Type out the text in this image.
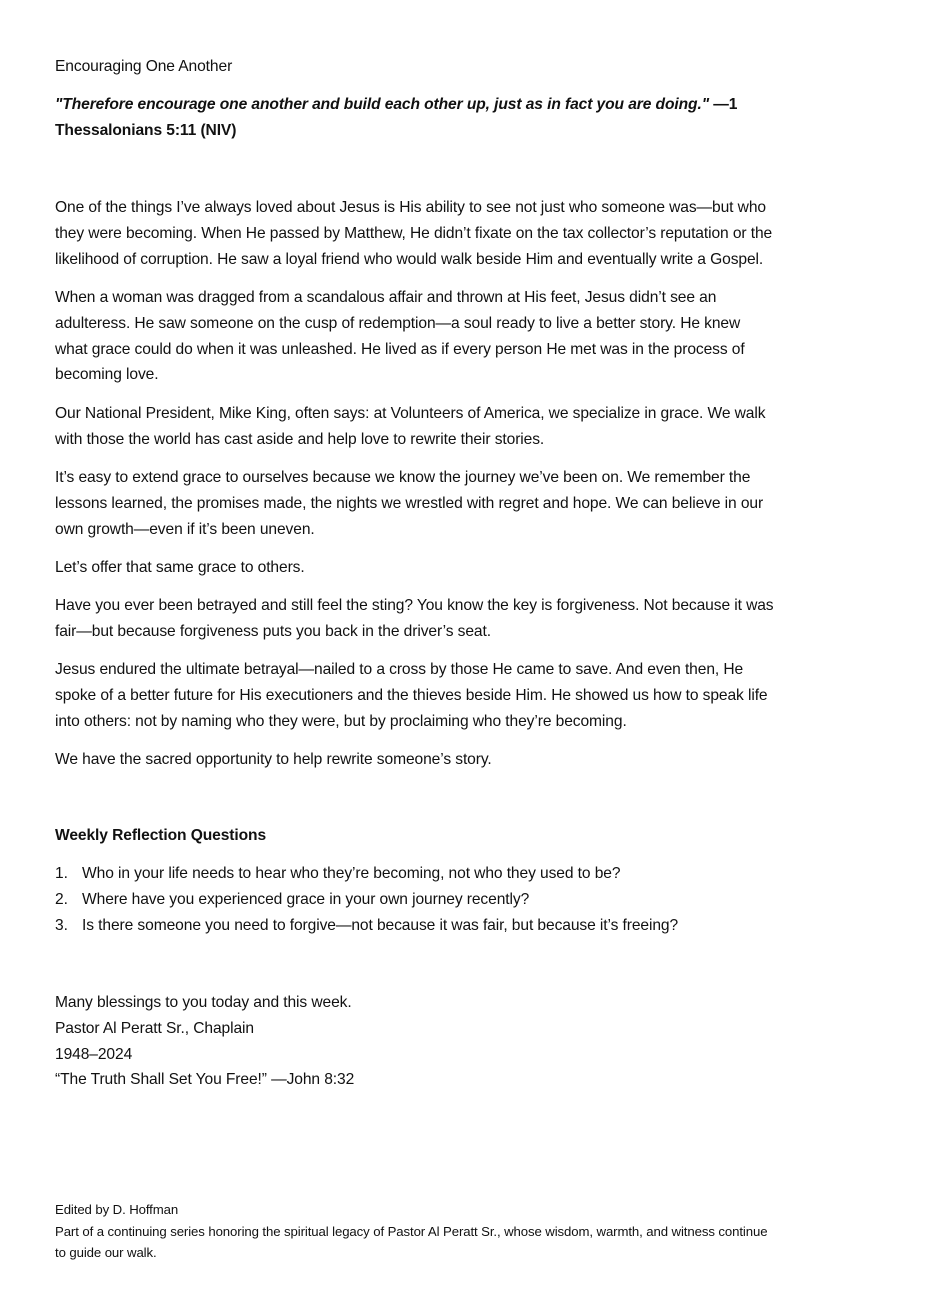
Encouraging One Another
"Therefore encourage one another and build each other up, just as in fact you are doing." —1
Thessalonians 5:11 (NIV)
One of the things I’ve always loved about Jesus is His ability to see not just who someone was—but who
they were becoming. When He passed by Matthew, He didn’t fixate on the tax collector’s reputation or the
likelihood of corruption. He saw a loyal friend who would walk beside Him and eventually write a Gospel.
When a woman was dragged from a scandalous affair and thrown at His feet, Jesus didn’t see an
adulteress. He saw someone on the cusp of redemption—a soul ready to live a better story. He knew
what grace could do when it was unleashed. He lived as if every person He met was in the process of
becoming love.
Our National President, Mike King, often says: at Volunteers of America, we specialize in grace. We walk
with those the world has cast aside and help love to rewrite their stories.
It’s easy to extend grace to ourselves because we know the journey we’ve been on. We remember the
lessons learned, the promises made, the nights we wrestled with regret and hope. We can believe in our
own growth—even if it’s been uneven.
Let’s offer that same grace to others.
Have you ever been betrayed and still feel the sting? You know the key is forgiveness. Not because it was
fair—but because forgiveness puts you back in the driver’s seat.
Jesus endured the ultimate betrayal—nailed to a cross by those He came to save. And even then, He
spoke of a better future for His executioners and the thieves beside Him. He showed us how to speak life
into others: not by naming who they were, but by proclaiming who they’re becoming.
We have the sacred opportunity to help rewrite someone’s story.
Weekly Reflection Questions
1. Who in your life needs to hear who they’re becoming, not who they used to be?
2. Where have you experienced grace in your own journey recently?
3. Is there someone you need to forgive—not because it was fair, but because it’s freeing?
Many blessings to you today and this week.
Pastor Al Peratt Sr., Chaplain
1948–2024
“The Truth Shall Set You Free!” —John 8:32
Edited by D. Hoffman
Part of a continuing series honoring the spiritual legacy of Pastor Al Peratt Sr., whose wisdom, warmth, and witness continue
to guide our walk.
